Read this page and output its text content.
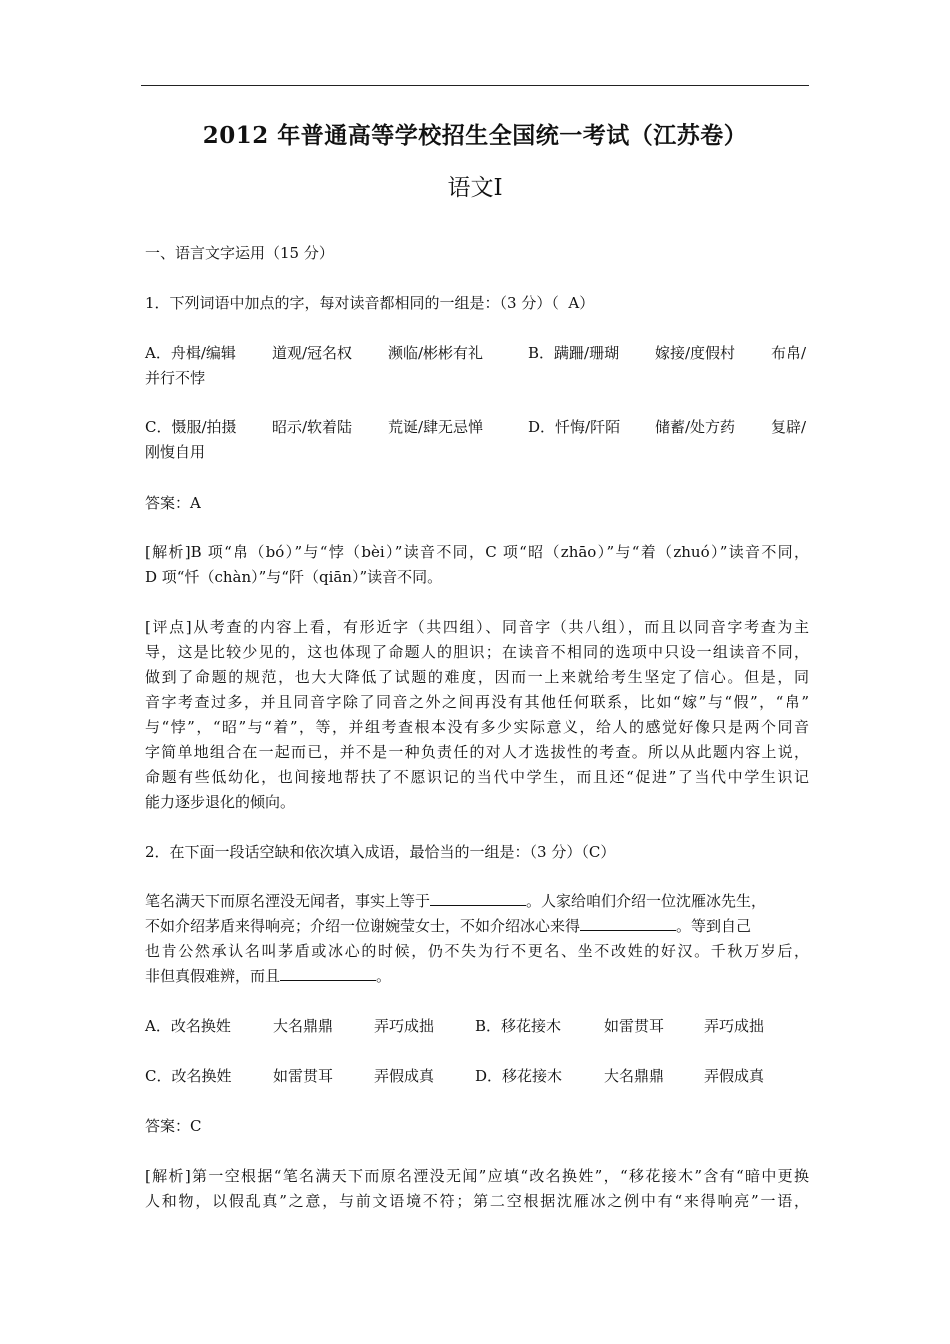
2012 年普通高等学校招生全国统一考试（江苏卷）
语文Ⅰ
一、语言文字运用（15 分）
1．下列词语中加点的字，每对读音都相同的一组是：（3 分）（  A）
A．舟楫/编辑 道观/冠名权 濒临/彬彬有礼	B．蹒跚/珊瑚 嫁接/度假村 布帛/
并行不悖
C．慑服/拍摄 昭示/软着陆 荒诞/肆无忌惮	D．忏悔/阡陌 储蓄/处方药 复辟/
刚愎自用
答案：A
[解析]B 项“帛（bó）”与“悖（bèi）”读音不同，C 项“昭（zhāo）”与“着（zhuó）”读音不同，
D 项“忏（chàn）”与“阡（qiān）”读音不同。
[评点]从考查的内容上看，有形近字（共四组）、同音字（共八组），而且以同音字考查为主
导，这是比较少见的，这也体现了命题人的胆识；在读音不相同的选项中只设一组读音不同，
做到了命题的规范，也大大降低了试题的难度，因而一上来就给考生坚定了信心。但是，同
音字考查过多，并且同音字除了同音之外之间再没有其他任何联系，比如“嫁”与“假”，“帛”
与“悖”，“昭”与“着”，等，并组考查根本没有多少实际意义，给人的感觉好像只是两个同音
字简单地组合在一起而已，并不是一种负责任的对人才选拔性的考查。所以从此题内容上说，
命题有些低幼化，也间接地帮扶了不愿识记的当代中学生，而且还“促进”了当代中学生识记
能力逐步退化的倾向。
2．在下面一段话空缺和依次填入成语，最恰当的一组是：（3 分）（C）
笔名满天下而原名湮没无闻者，事实上等于	。人家给咱们介绍一位沈雁冰先生，
不如介绍茅盾来得响亮；介绍一位谢婉莹女士，不如介绍冰心来得	。等到自己
也肯公然承认名叫茅盾或冰心的时候，仍不失为行不更名、坐不改姓的好汉。千秋万岁后，
非但真假难辨，而且	。
A．改名换姓	大名鼎鼎	弄巧成拙	B．移花接木	如雷贯耳	弄巧成拙
C．改名换姓	如雷贯耳	弄假成真	D．移花接木	大名鼎鼎	弄假成真
答案：C
[解析]第一空根据“笔名满天下而原名湮没无闻”应填“改名换姓”，“移花接木”含有“暗中更换
人和物，以假乱真”之意，与前文语境不符；第二空根据沈雁冰之例中有“来得响亮”一语，
